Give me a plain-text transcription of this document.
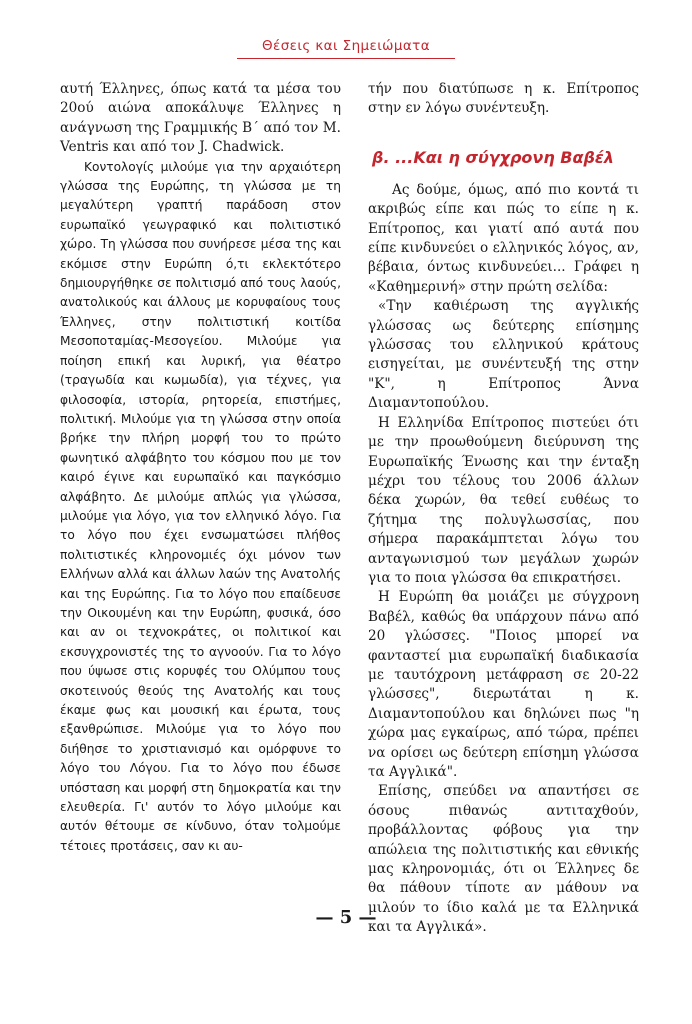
Θέσεις και Σημειώματα

αυτή Έλληνες, όπως κατά τα μέσα του 20ού αιώνα αποκάλυψε Έλληνες η ανάγνωση της Γραμμικής Β΄ από τον M. Ventris και από τον J. Chadwick.

Κοντολογίς μιλούμε για την αρχαιότερη γλώσσα της Ευρώπης, τη γλώσσα με τη μεγαλύτερη γραπτή παράδοση στον ευρωπαϊκό γεωγραφικό και πολιτιστικό χώρο. Τη γλώσσα που συνήρεσε μέσα της και εκόμισε στην Ευρώπη ό,τι εκλεκτότερο δημιουργήθηκε σε πολιτισμό από τους λαούς, ανατολικούς και άλλους με κορυφαίους τους Έλληνες, στην πολιτιστική κοιτίδα Μεσοποταμίας-Μεσογείου. Μιλούμε για ποίηση επική και λυρική, για θέατρο (τραγωδία και κωμωδία), για τέχνες, για φιλοσοφία, ιστορία, ρητορεία, επιστήμες, πολιτική. Μιλούμε για τη γλώσσα στην οποία βρήκε την πλήρη μορφή του το πρώτο φωνητικό αλφάβητο του κόσμου που με τον καιρό έγινε και ευρωπαϊκό και παγκόσμιο αλφάβητο. Δε μιλούμε απλώς για γλώσσα, μιλούμε για λόγο, για τον ελληνικό λόγο. Για το λόγο που έχει ενσωματώσει πλήθος πολιτιστικές κληρονομιές όχι μόνον των Ελλήνων αλλά και άλλων λαών της Ανατολής και της Ευρώπης. Για το λόγο που επαίδευσε την Οικουμένη και την Ευρώπη, φυσικά, όσο και αν οι τεχνοκράτες, οι πολιτικοί και εκσυγχρονιστές της το αγνοούν. Για το λόγο που ύψωσε στις κορυφές του Ολύμπου τους σκοτεινούς θεούς της Ανατολής και τους έκαμε φως και μουσική και έρωτα, τους εξανθρώπισε. Μιλούμε για το λόγο που διήθησε το χριστιανισμό και ομόρφυνε το λόγο του Λόγου. Για το λόγο που έδωσε υπόσταση και μορφή στη δημοκρατία και την ελευθερία. Γι' αυτόν το λόγο μιλούμε και αυτόν θέτουμε σε κίνδυνο, όταν τολμούμε τέτοιες προτάσεις, σαν κι αυ-

τήν που διατύπωσε η κ. Επίτροπος στην εν λόγω συνέντευξη.

β. ...Και η σύγχρονη Βαβέλ

Ας δούμε, όμως, από πιο κοντά τι ακριβώς είπε και πώς το είπε η κ. Επίτροπος, και γιατί από αυτά που είπε κινδυνεύει ο ελληνικός λόγος, αν, βέβαια, όντως κινδυνεύει... Γράφει η «Καθημερινή» στην πρώτη σελίδα:

«Την καθιέρωση της αγγλικής γλώσσας ως δεύτερης επίσημης γλώσσας του ελληνικού κράτους εισηγείται, με συνέντευξή της στην "Κ", η Επίτροπος Άννα Διαμαντοπούλου.

Η Ελληνίδα Επίτροπος πιστεύει ότι με την προωθούμενη διεύρυνση της Ευρωπαϊκής Ένωσης και την ένταξη μέχρι του τέλους του 2006 άλλων δέκα χωρών, θα τεθεί ευθέως το ζήτημα της πολυγλωσσίας, που σήμερα παρακάμπτεται λόγω του ανταγωνισμού των μεγάλων χωρών για το ποια γλώσσα θα επικρατήσει.

Η Ευρώπη θα μοιάζει με σύγχρονη Βαβέλ, καθώς θα υπάρχουν πάνω από 20 γλώσσες. "Ποιος μπορεί να φανταστεί μια ευρωπαϊκή διαδικασία με ταυτόχρονη μετάφραση σε 20-22 γλώσσες", διερωτάται η κ. Διαμαντοπούλου και δηλώνει πως "η χώρα μας εγκαίρως, από τώρα, πρέπει να ορίσει ως δεύτερη επίσημη γλώσσα τα Αγγλικά".

Επίσης, σπεύδει να απαντήσει σε όσους πιθανώς αντιταχθούν, προβάλλοντας φόβους για την απώλεια της πολιτιστικής και εθνικής μας κληρονομιάς, ότι οι Έλληνες δε θα πάθουν τίποτε αν μάθουν να μιλούν το ίδιο καλά με τα Ελληνικά και τα Αγγλικά».

— 5 —
